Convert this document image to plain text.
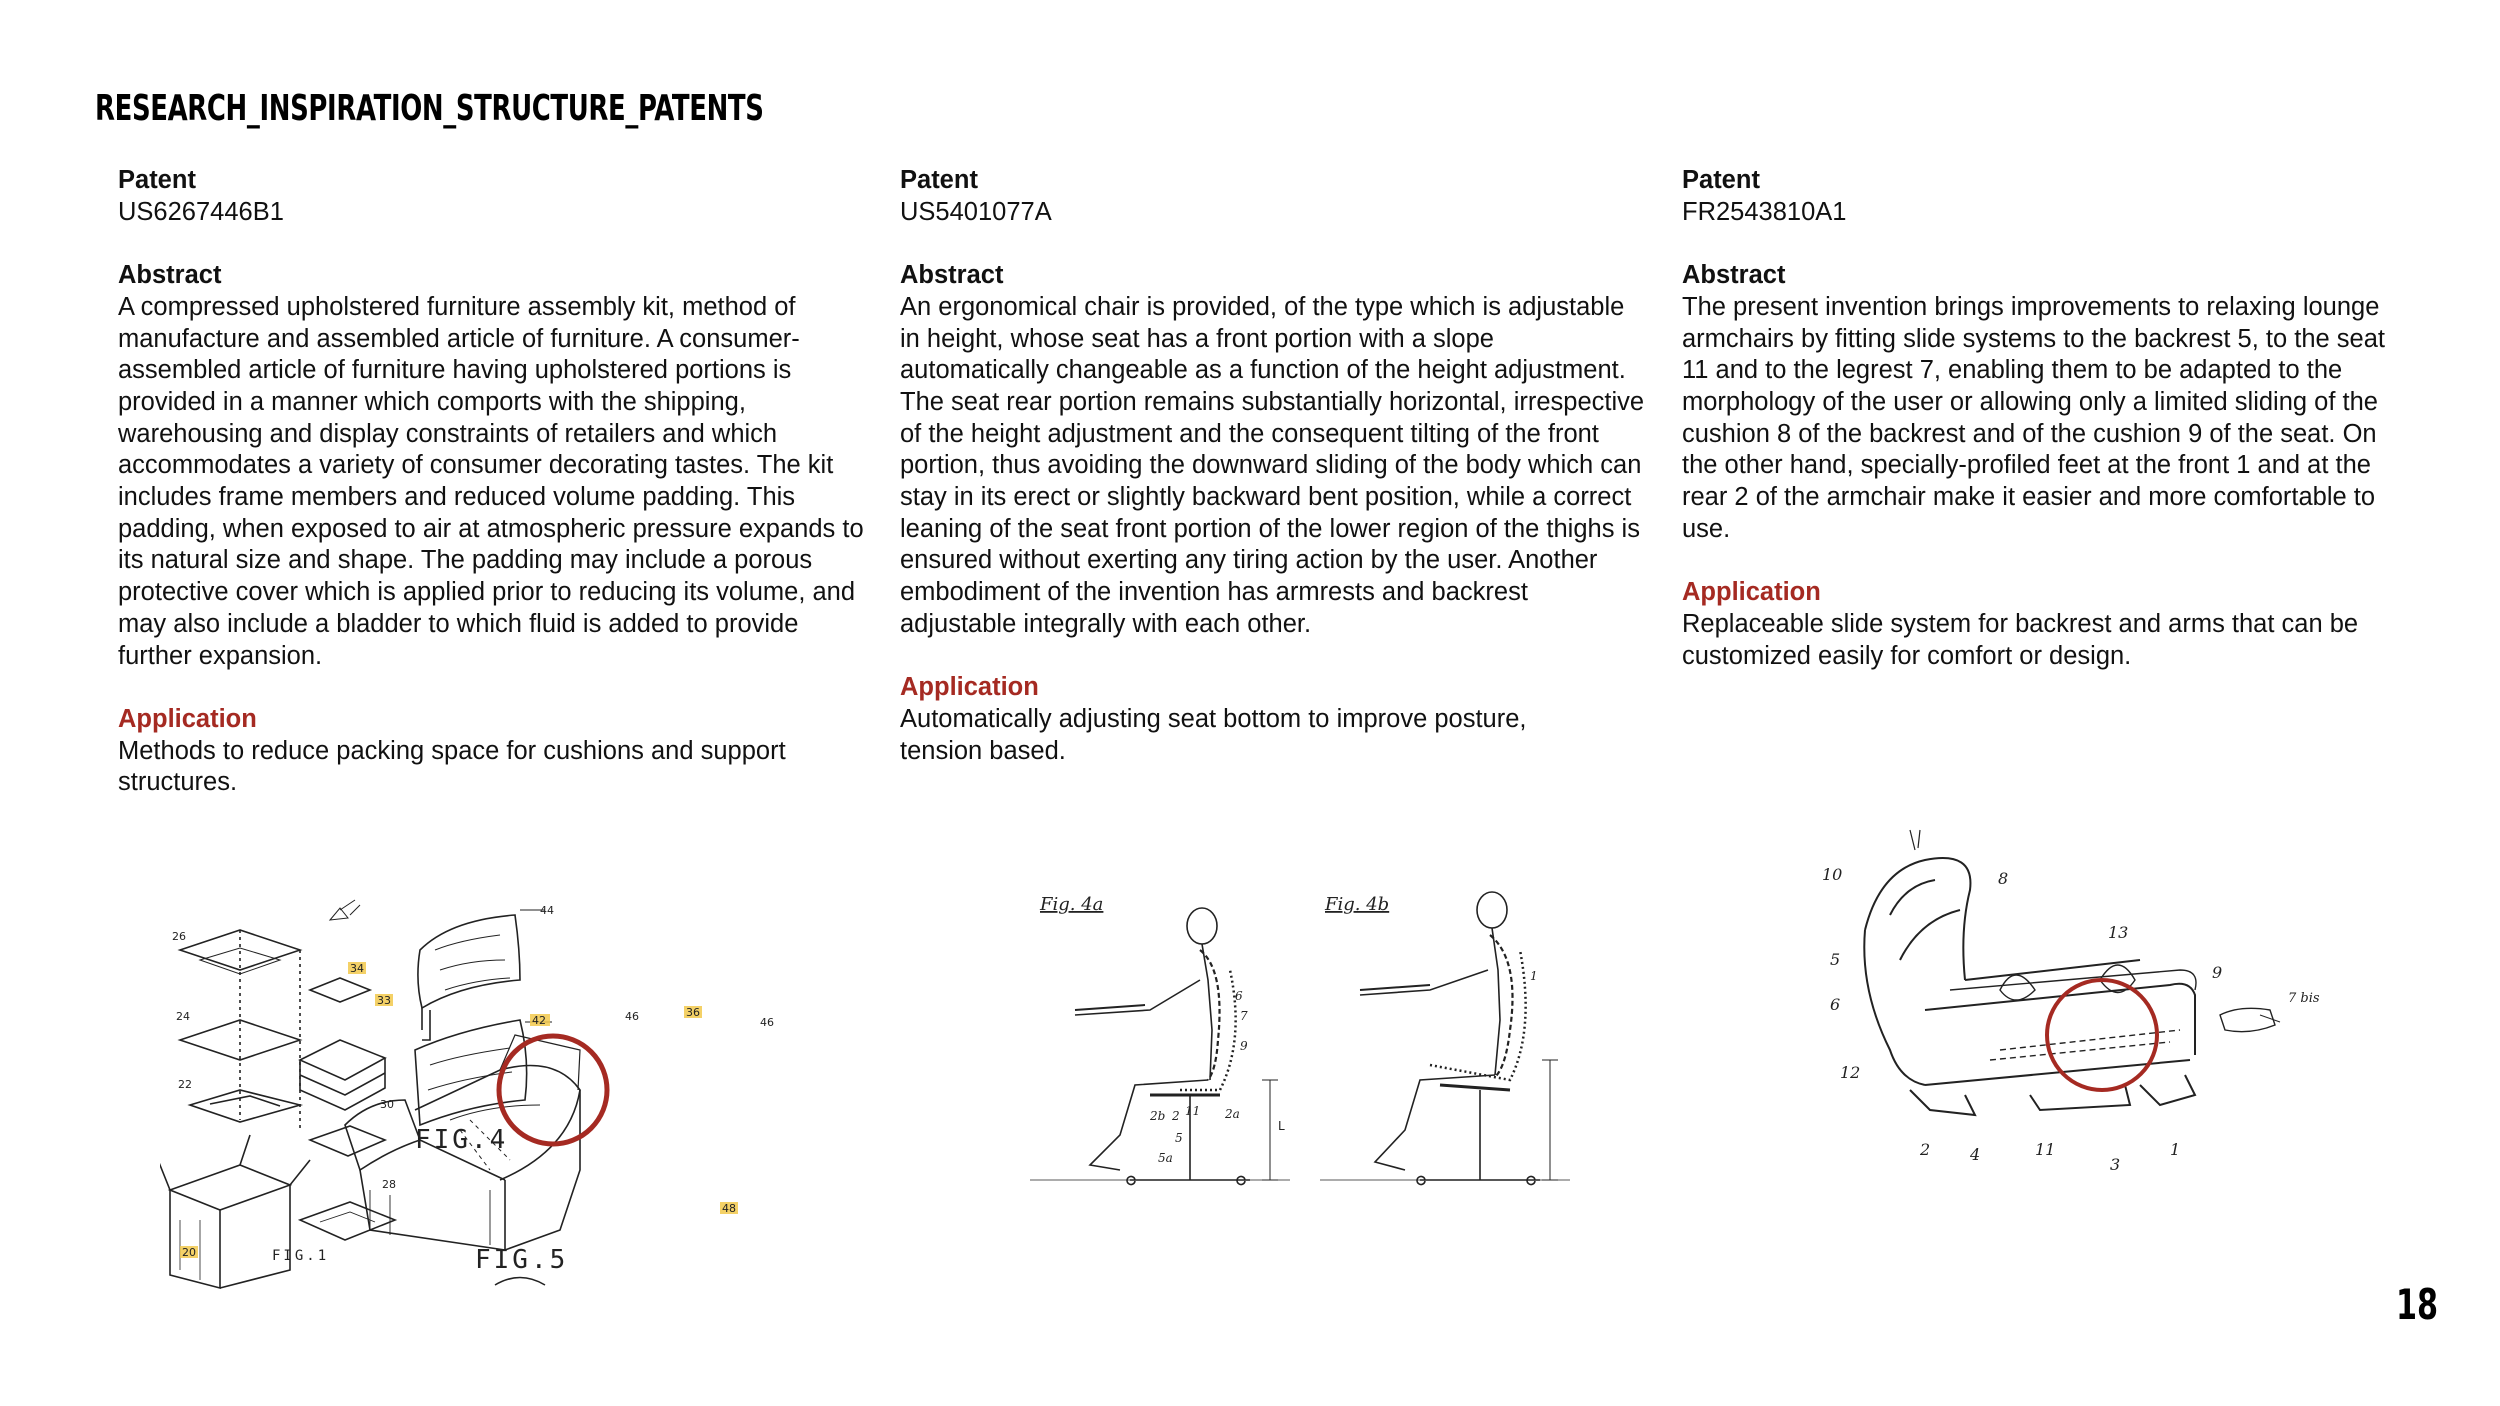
RESEARCH_INSPIRATION_STRUCTURE_PATENTS

Patent

US6267446B1

Abstract

A compressed upholstered furniture assembly kit, method of manufacture and assembled article of furniture. A consumer-assembled article of furniture having upholstered portions is provided in a manner which comports with the shipping, warehousing and display constraints of retailers and which accommodates a variety of consumer decorating tastes. The kit includes frame members and reduced volume padding. This padding, when exposed to air at atmospheric pressure expands to its natural size and shape. The padding may include a porous protective cover which is applied prior to reducing its volume, and may also include a bladder to which fluid is added to provide further expansion.

Application

Methods to reduce packing space for cushions and support structures.

Patent

US5401077A

Abstract

An ergonomical chair is provided, of the type which is adjustable in height, whose seat has a front portion with a slope automatically changeable as a function of the height adjustment. The seat rear portion remains substantially horizontal, irrespective of the height adjustment and the consequent tilting of the front portion, thus avoiding the downward sliding of the body which can stay in its erect or slightly backward bent position, while a correct leaning of the seat front portion of the lower region of the thighs is ensured without exerting any tiring action by the user. Another embodiment of the invention has armrests and backrest adjustable integrally with each other.

Application

Automatically adjusting seat bottom to improve posture, tension based.

Patent

FR2543810A1

Abstract

The present invention brings improvements to relaxing lounge armchairs by fitting slide systems to the backrest 5, to the seat 11 and to the legrest 7, enabling them to be adapted to the morphology of the user or allowing only a limited sliding of the cushion 8 of the backrest and of the cushion 9 of the seat. On the other hand, specially-profiled feet at the front 1 and at the rear 2 of the armchair make it easier and more comfortable to use.

Application

Replaceable slide system for backrest and arms that can be customized easily for comfort or design.

FIG.4
FIG.5
FIG.1
44
42	46	36
46
48
26
24
22
34
33
30
28
20
Fig. 4a	Fig. 4b
6
7
9
2a
2b 2 11
5
5a
L
1
10	8
5
6
12
13
9
7 bis
2 4	11
3
1
18
